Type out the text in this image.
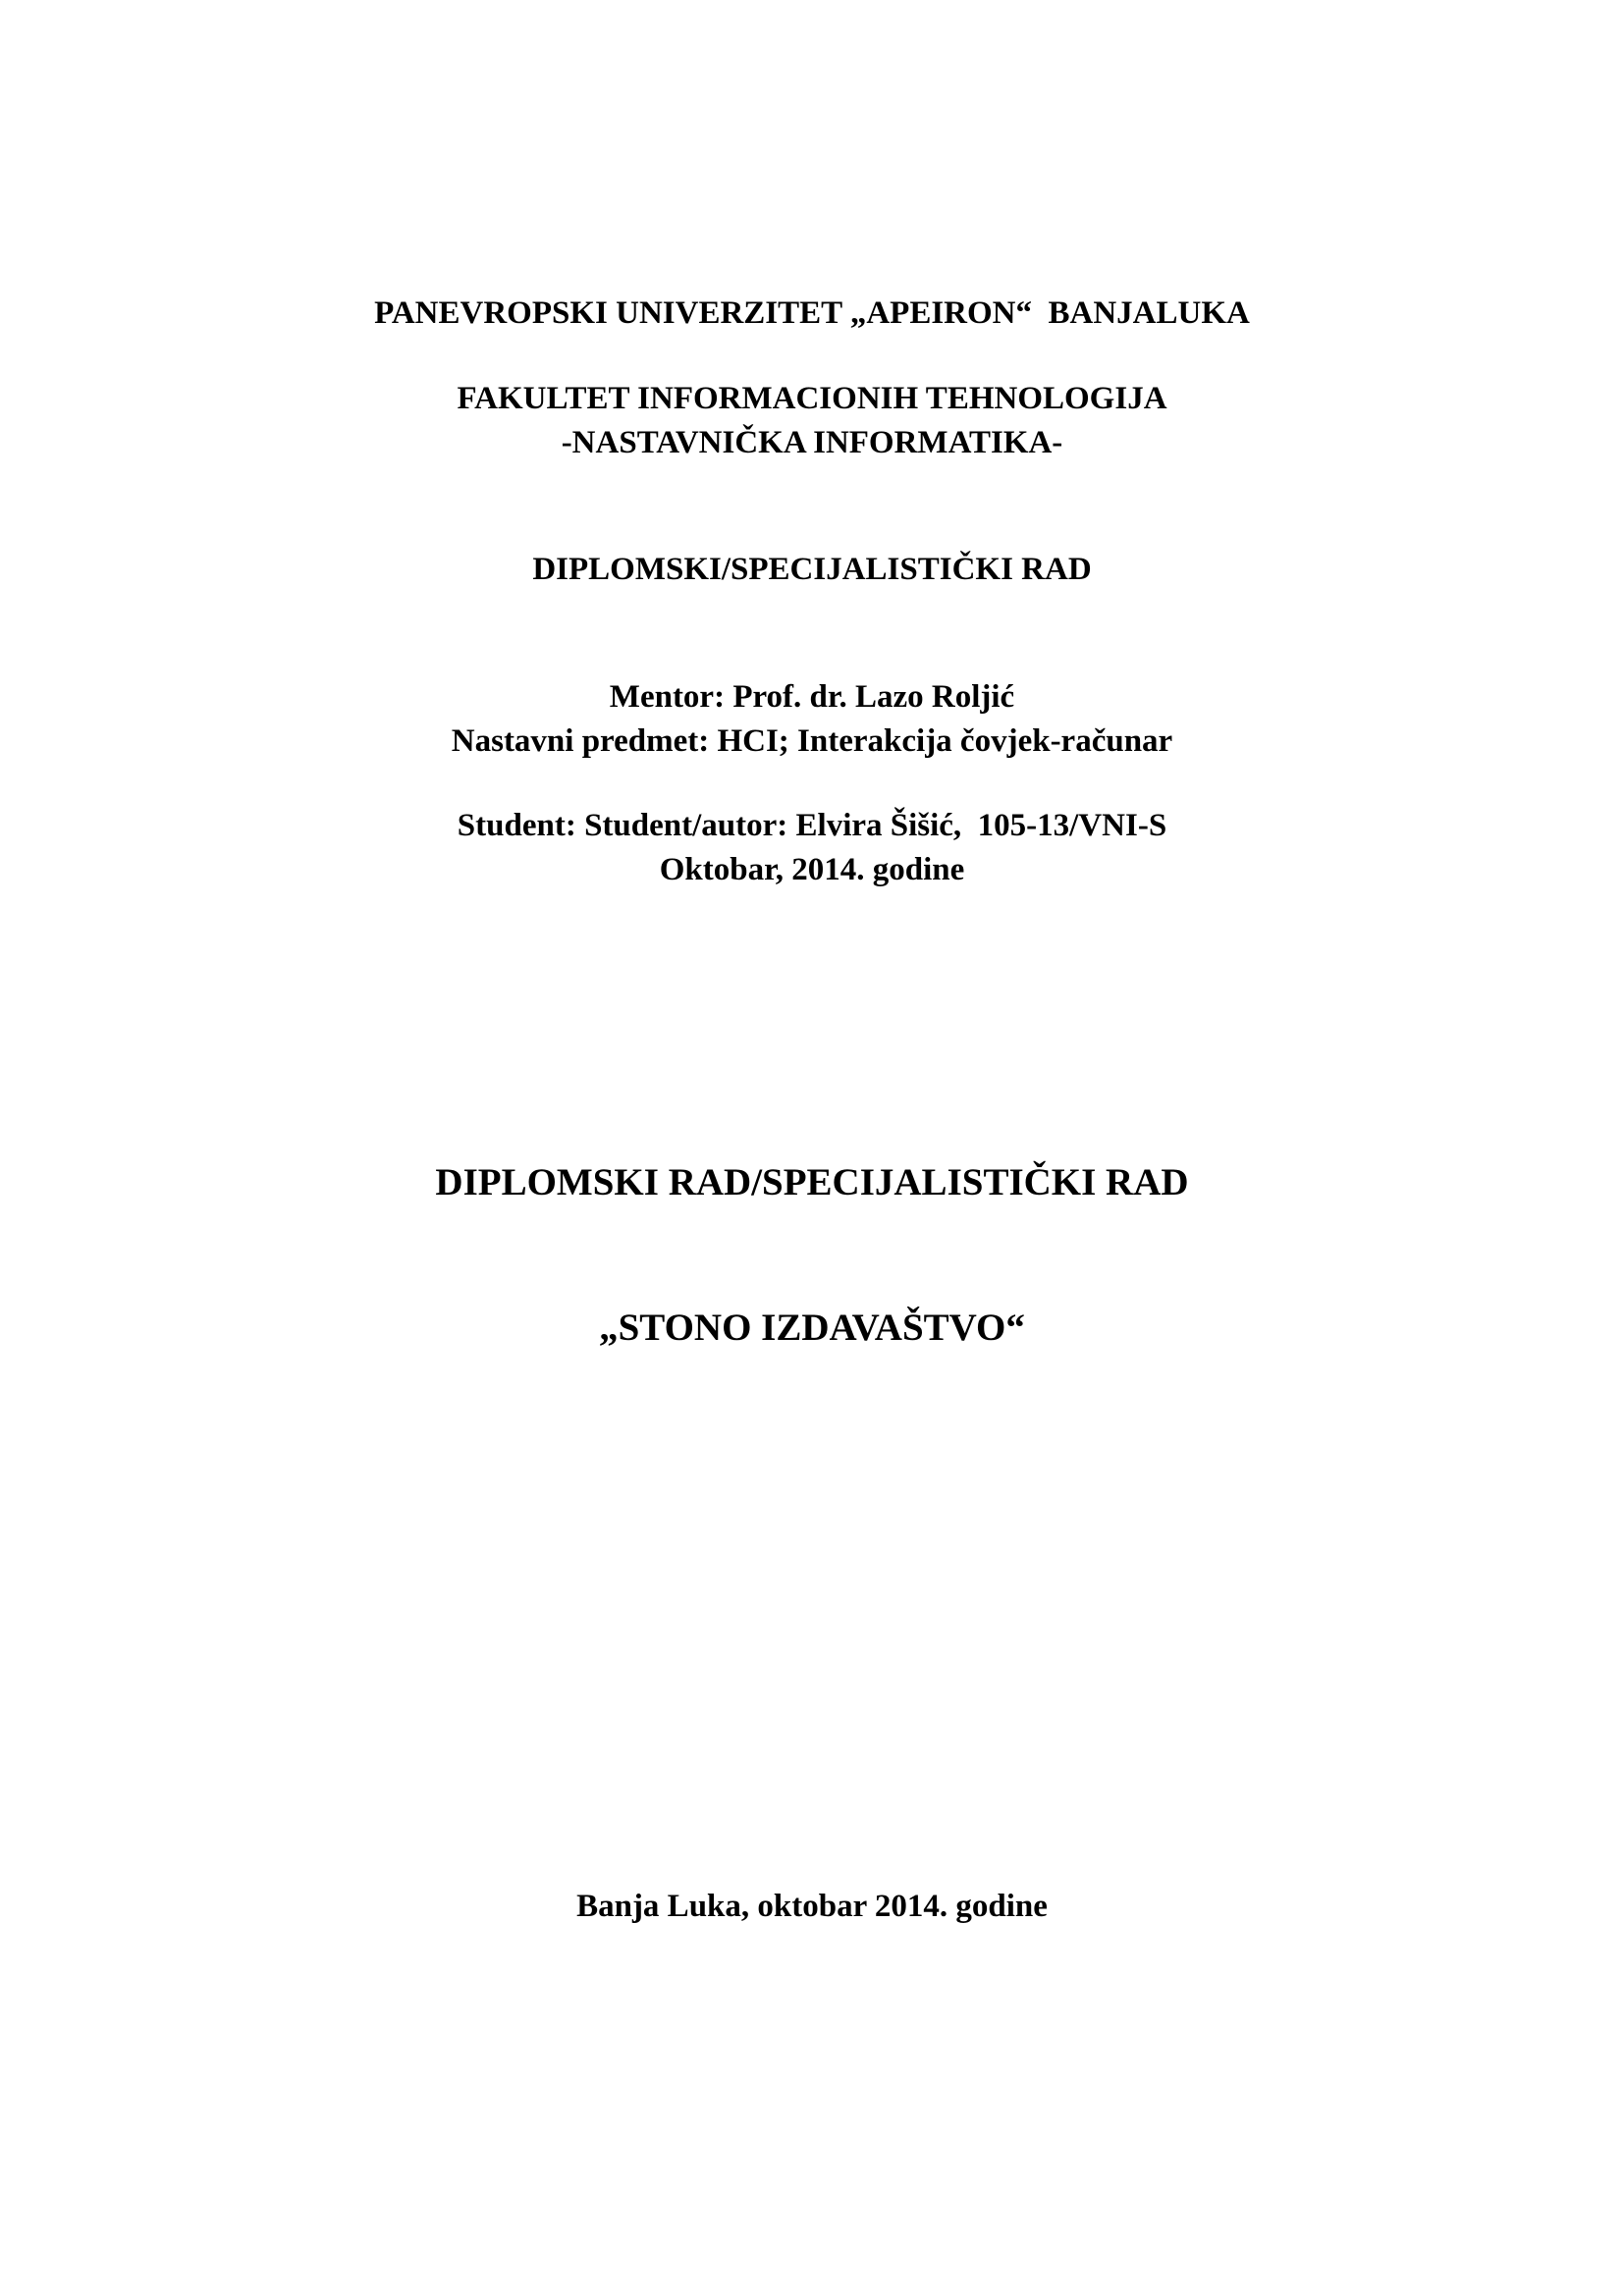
PANEVROPSKI UNIVERZITET „APEIRON“  BANJALUKA
FAKULTET INFORMACIONIH TEHNOLOGIJA
-NASTAVNIČKA INFORMATIKA-
DIPLOMSKI/SPECIJALISTIČKI RAD
Mentor: Prof. dr. Lazo Roljić
Nastavni predmet: HCI; Interakcija čovjek-računar
Student: Student/autor: Elvira Šišić,  105-13/VNI-S
Oktobar, 2014. godine
DIPLOMSKI RAD/SPECIJALISTIČKI RAD
„STONO IZDAVAŠTVO“
Banja Luka, oktobar 2014. godine
